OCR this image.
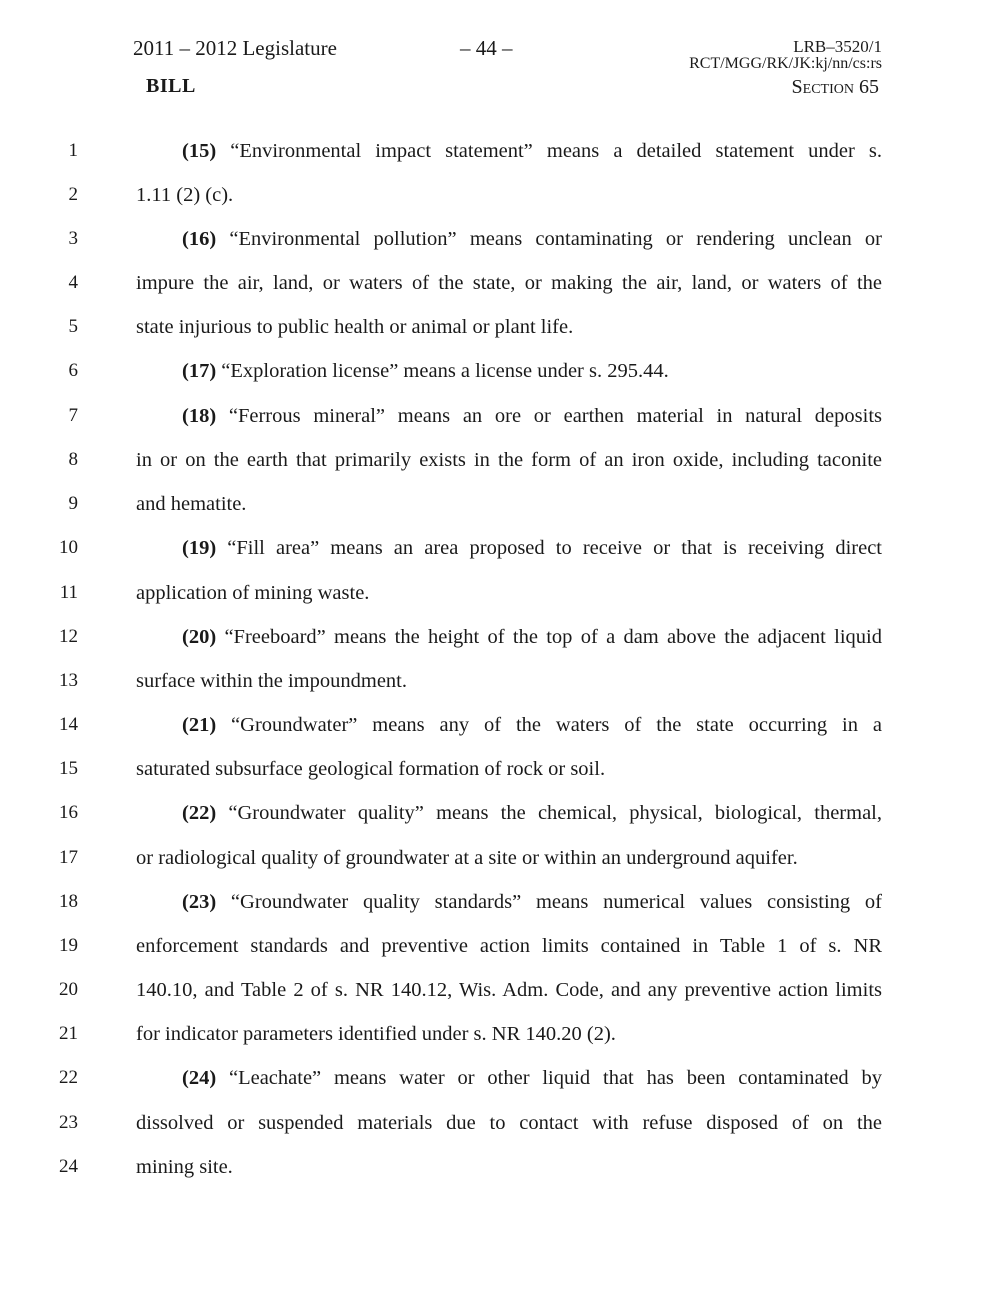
2011 – 2012 Legislature	– 44 –	LRB–3520/1
RCT/MGG/RK/JK:kj/nn/cs:rs
BILL	Section 65
1	(15) “Environmental impact statement” means a detailed statement under s.
2	1.11 (2) (c).
3	(16) “Environmental pollution” means contaminating or rendering unclean or
4	impure the air, land, or waters of the state, or making the air, land, or waters of the
5	state injurious to public health or animal or plant life.
6	(17) “Exploration license” means a license under s. 295.44.
7	(18) “Ferrous mineral” means an ore or earthen material in natural deposits
8	in or on the earth that primarily exists in the form of an iron oxide, including taconite
9	and hematite.
10	(19) “Fill area” means an area proposed to receive or that is receiving direct
11	application of mining waste.
12	(20) “Freeboard” means the height of the top of a dam above the adjacent liquid
13	surface within the impoundment.
14	(21) “Groundwater” means any of the waters of the state occurring in a
15	saturated subsurface geological formation of rock or soil.
16	(22) “Groundwater quality” means the chemical, physical, biological, thermal,
17	or radiological quality of groundwater at a site or within an underground aquifer.
18	(23) “Groundwater quality standards” means numerical values consisting of
19	enforcement standards and preventive action limits contained in Table 1 of s. NR
20	140.10, and Table 2 of s. NR 140.12, Wis. Adm. Code, and any preventive action limits
21	for indicator parameters identified under s. NR 140.20 (2).
22	(24) “Leachate” means water or other liquid that has been contaminated by
23	dissolved or suspended materials due to contact with refuse disposed of on the
24	mining site.
